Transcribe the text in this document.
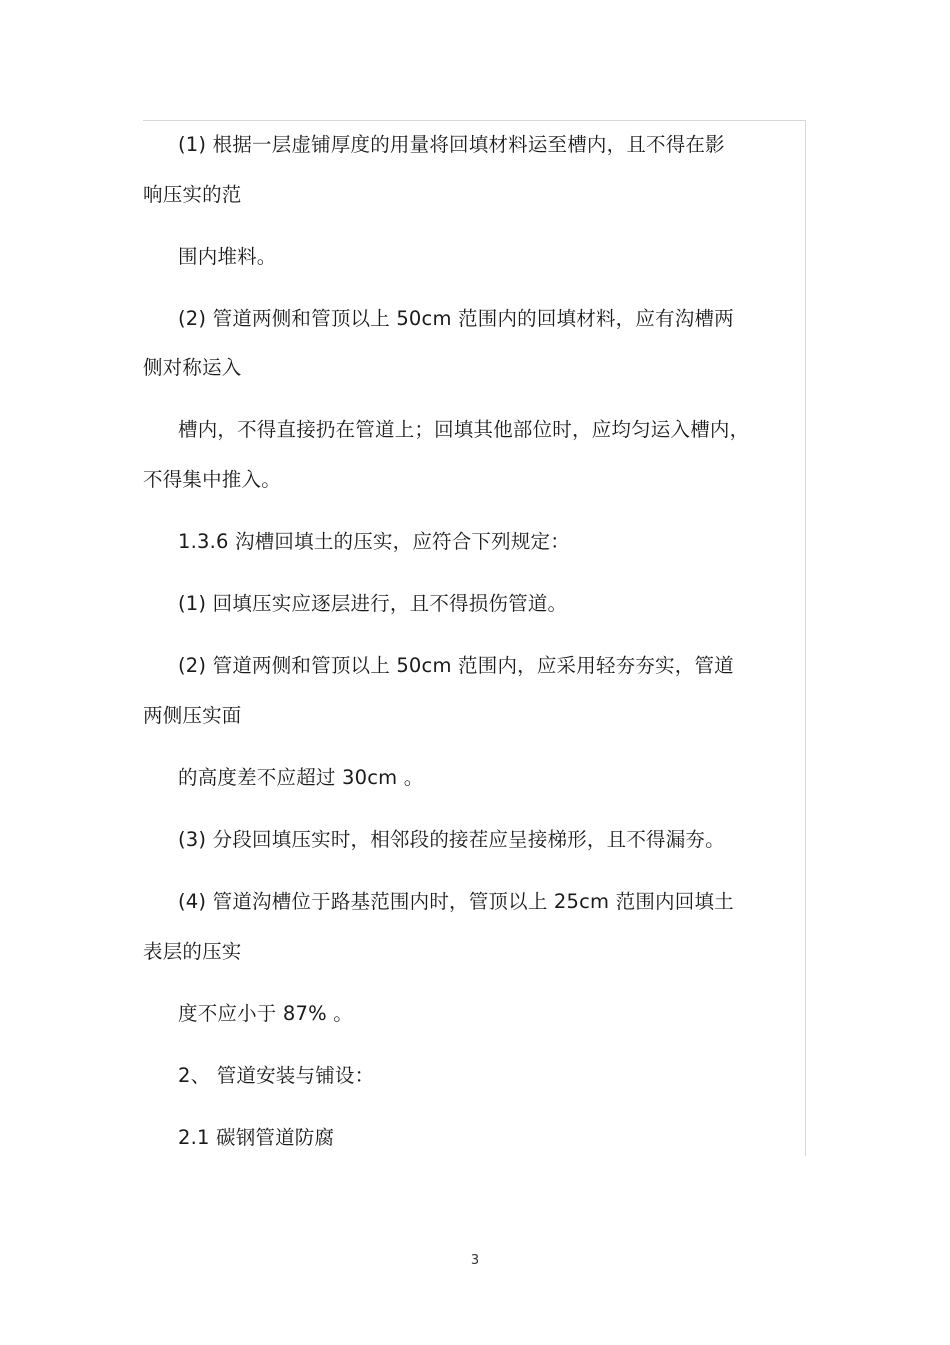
(1) 根据一层虚铺厚度的用量将回填材料运至槽内，且不得在影
响压实的范
围内堆料。
(2) 管道两侧和管顶以上 50cm 范围内的回填材料，应有沟槽两
侧对称运入
槽内，不得直接扔在管道上；回填其他部位时，应均匀运入槽内，
不得集中推入。
1.3.6 沟槽回填土的压实，应符合下列规定：
(1) 回填压实应逐层进行，且不得损伤管道。
(2) 管道两侧和管顶以上 50cm 范围内，应采用轻夯夯实，管道
两侧压实面
的高度差不应超过 30cm 。
(3) 分段回填压实时，相邻段的接茬应呈接梯形，且不得漏夯。
(4) 管道沟槽位于路基范围内时，管顶以上 25cm 范围内回填土
表层的压实
度不应小于 87% 。
2、 管道安装与铺设：
2.1 碳钢管道防腐
3
